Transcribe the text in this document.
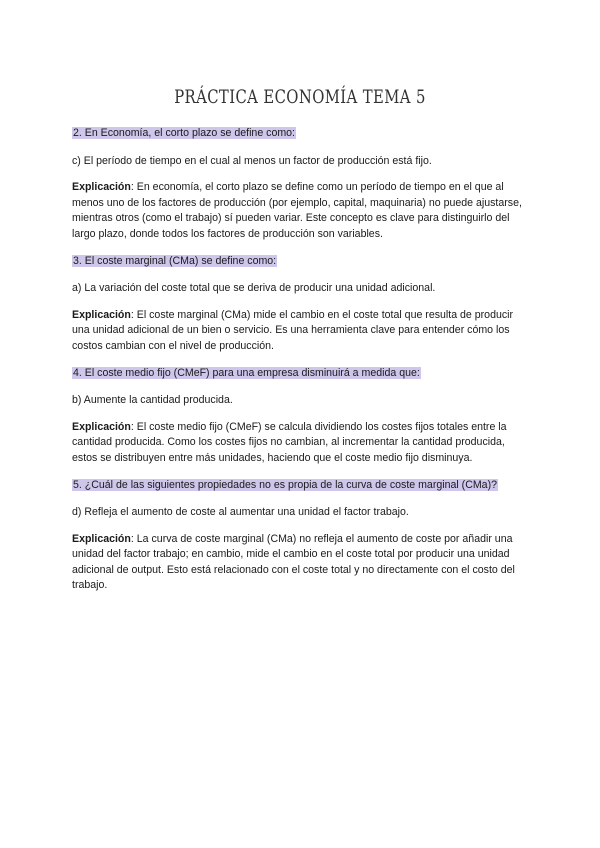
PRÁCTICA ECONOMÍA TEMA 5

2. En Economía, el corto plazo se define como:

c) El período de tiempo en el cual al menos un factor de producción está fijo.

Explicación: En economía, el corto plazo se define como un período de tiempo en el que al menos uno de los factores de producción (por ejemplo, capital, maquinaria) no puede ajustarse, mientras otros (como el trabajo) sí pueden variar. Este concepto es clave para distinguirlo del largo plazo, donde todos los factores de producción son variables.

3. El coste marginal (CMa) se define como:

a) La variación del coste total que se deriva de producir una unidad adicional.

Explicación: El coste marginal (CMa) mide el cambio en el coste total que resulta de producir una unidad adicional de un bien o servicio. Es una herramienta clave para entender cómo los costos cambian con el nivel de producción.

4. El coste medio fijo (CMeF) para una empresa disminuirá a medida que:

b) Aumente la cantidad producida.

Explicación: El coste medio fijo (CMeF) se calcula dividiendo los costes fijos totales entre la cantidad producida. Como los costes fijos no cambian, al incrementar la cantidad producida, estos se distribuyen entre más unidades, haciendo que el coste medio fijo disminuya.

5. ¿Cuál de las siguientes propiedades no es propia de la curva de coste marginal (CMa)?

d) Refleja el aumento de coste al aumentar una unidad el factor trabajo.

Explicación: La curva de coste marginal (CMa) no refleja el aumento de coste por añadir una unidad del factor trabajo; en cambio, mide el cambio en el coste total por producir una unidad adicional de output. Esto está relacionado con el coste total y no directamente con el costo del trabajo.
